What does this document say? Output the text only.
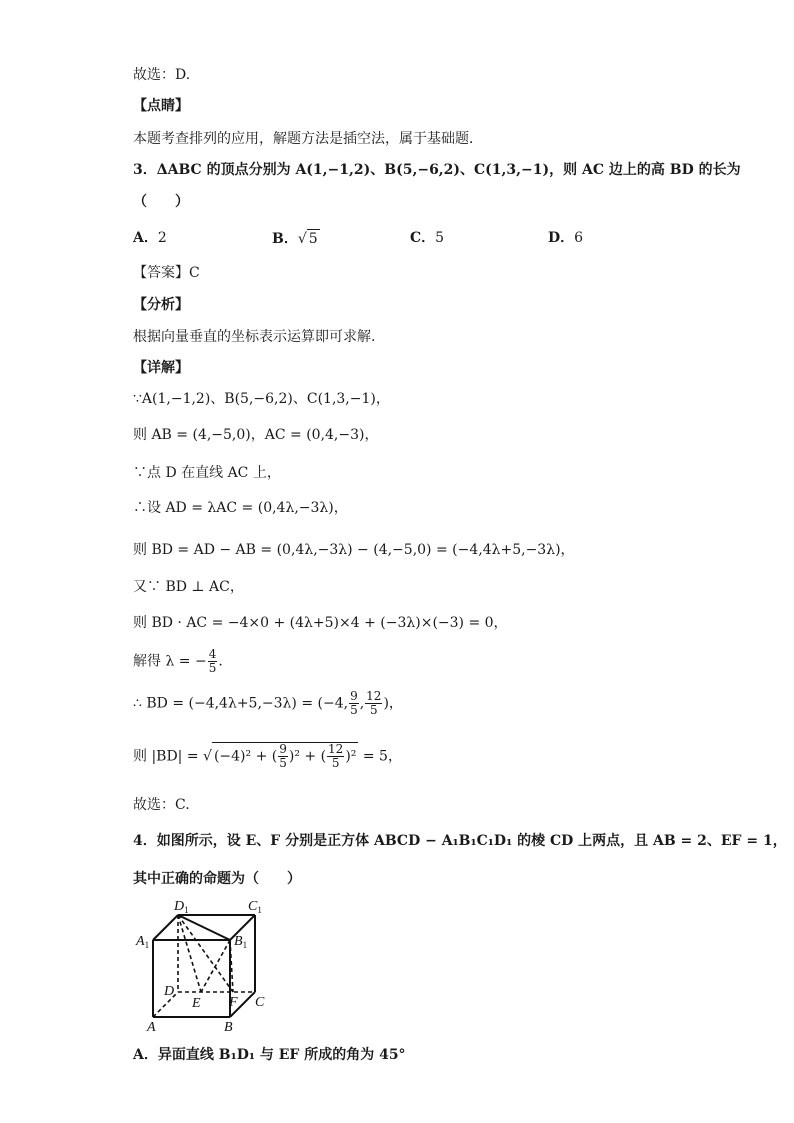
故选：D.
【点睛】
本题考查排列的应用，解题方法是插空法，属于基础题．
3．ΔABC 的顶点分别为 A(1,−1,2)、B(5,−6,2)、C(1,3,−1)，则 AC 边上的高 BD 的长为
（　　）
A．2	B．√ 5	C．5	D．6
【答案】C
【分析】
根据向量垂直的坐标表示运算即可求解.
【详解】
∵A(1,−1,2)、B(5,−6,2)、C(1,3,−1)，
则 AB = (4,−5,0)，AC = (0,4,−3)，
∵点 D 在直线 AC 上，
∴设 AD = λAC = (0,4λ,−3λ)，
则 BD = AD − AB = (0,4λ,−3λ) − (4,−5,0) = (−4,4λ+5,−3λ)，
又∵ BD ⊥ AC，
则 BD · AC = −4×0 + (4λ+5)×4 + (−3λ)×(−3) = 0，
解得 λ = − $\frac{4}{5}$ .
∴ BD = (−4,4λ+5,−3λ) = (−4, $\frac{9}{5}$ , $\frac{12}{5}$ )，
则 |BD| = √ (−4)² + ( $\frac{9}{5} )^2$ + ( $\frac{12}{5} )^2 = 5$，
故选：C.
4．如图所示，设 E、F 分别是正方体 ABCD − A₁B₁C₁D₁ 的棱 CD 上两点，且 AB = 2、EF = 1，
其中正确的命题为（　　）
$D_1$	$C_1$
$A_1$	$B_1$
D
E F C
A	B
A．异面直线 B₁D₁ 与 EF 所成的角为 45°
